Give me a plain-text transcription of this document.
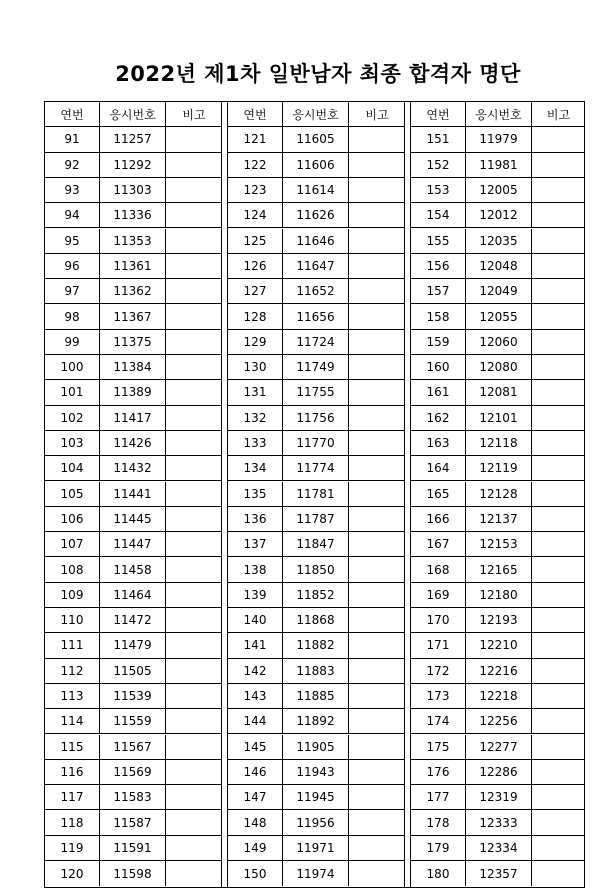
2022년 제1차 일반남자 최종 합격자 명단
연번	응시번호	비고
91	11257
92	11292
93	11303
94	11336
95	11353
96	11361
97	11362
98	11367
99	11375
100	11384
101	11389
102	11417
103	11426
104	11432
105	11441
106	11445
107	11447
108	11458
109	11464
110	11472
111	11479
112	11505
113	11539
114	11559
115	11567
116	11569
117	11583
118	11587
119	11591
120	11598
연번	응시번호	비고
121	11605
122	11606
123	11614
124	11626
125	11646
126	11647
127	11652
128	11656
129	11724
130	11749
131	11755
132	11756
133	11770
134	11774
135	11781
136	11787
137	11847
138	11850
139	11852
140	11868
141	11882
142	11883
143	11885
144	11892
145	11905
146	11943
147	11945
148	11956
149	11971
150	11974
연번	응시번호	비고
151	11979
152	11981
153	12005
154	12012
155	12035
156	12048
157	12049
158	12055
159	12060
160	12080
161	12081
162	12101
163	12118
164	12119
165	12128
166	12137
167	12153
168	12165
169	12180
170	12193
171	12210
172	12216
173	12218
174	12256
175	12277
176	12286
177	12319
178	12333
179	12334
180	12357
